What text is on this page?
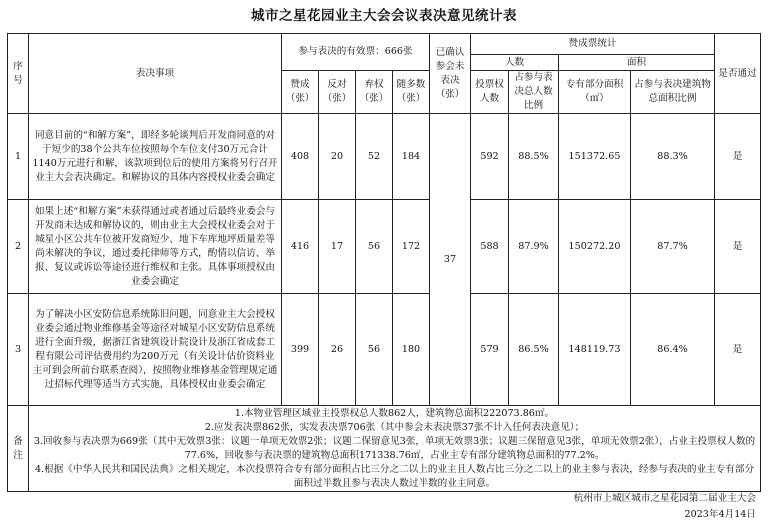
城市之星花园业主大会会议表决意见统计表
序号	表决事项	参与表决的有效票：666张				已确认参会未表决（张）	赞成票统计				是否通过
							人数		面积		
		赞成（张）	反对（张）	弃权（张）	随多数（张）		投票权人数	占参与表决总人数比例	专有部分面积（㎡）	占参与表决建筑物总面积比例	
1	同意目前的“和解方案”，即经多轮谈判后开发商同意的对于短少的38个公共车位按照每个车位支付30万元合计1140万元进行和解，该款项到位后的使用方案将另行召开业主大会表决确定。和解协议的具体内容授权业委会确定	408	20	52	184	37	592	88.5%	151372.65	88.3%	是
2	如果上述“和解方案”未获得通过或者通过后最终业委会与开发商未达成和解协议的，则由业主大会授权业委会对于城星小区公共车位被开发商短少、地下车库地坪质量差等尚未解决的争议，通过委托律师等方式，酌情以信访、举报、复议或诉讼等途径进行维权和主张。具体事项授权由业委会确定	416	17	56	172		588	87.9%	150272.20	87.7%	是
3	为了解决小区安防信息系统陈旧问题，同意业主大会授权业委会通过物业维修基金等途径对城星小区安防信息系统进行全面升级，据浙江省建筑设计院设计及浙江省成套工程有限公司评估费用约为200万元（有关设计估价资料业主可到会所前台联系查阅），按照物业维修基金管理规定通过招标代理等适当方式实施，具体授权由业委会确定	399	26	56	180		579	86.5%	148119.73	86.4%	是
备注	1.本物业管理区域业主投票权总人数862人，建筑物总面积222073.86㎡。
2.应发表决票862张，实发表决票706张（其中参会未表决票37张不计入任何表决意见）；
3.回收参与表决票为669张（其中无效票3张：议题一单项无效票2张；议题二保留意见3张，单项无效票3张；议题三保留意见3张，单项无效票2张），占业主投票权人数的77.6%，回收参与表决票的建筑物总面积171338.76㎡，占业主专有部分建筑物总面积的77.2%。
4.根据《中华人民共和国民法典》之相关规定，本次投票符合专有部分面积占比三分之二以上的业主且人数占比三分之二以上的业主参与表决，经参与表决的业主专有部分面积过半数且参与表决人数过半数的业主同意。										
杭州市上城区城市之星花园第二届业主大会
2023年4月14日
